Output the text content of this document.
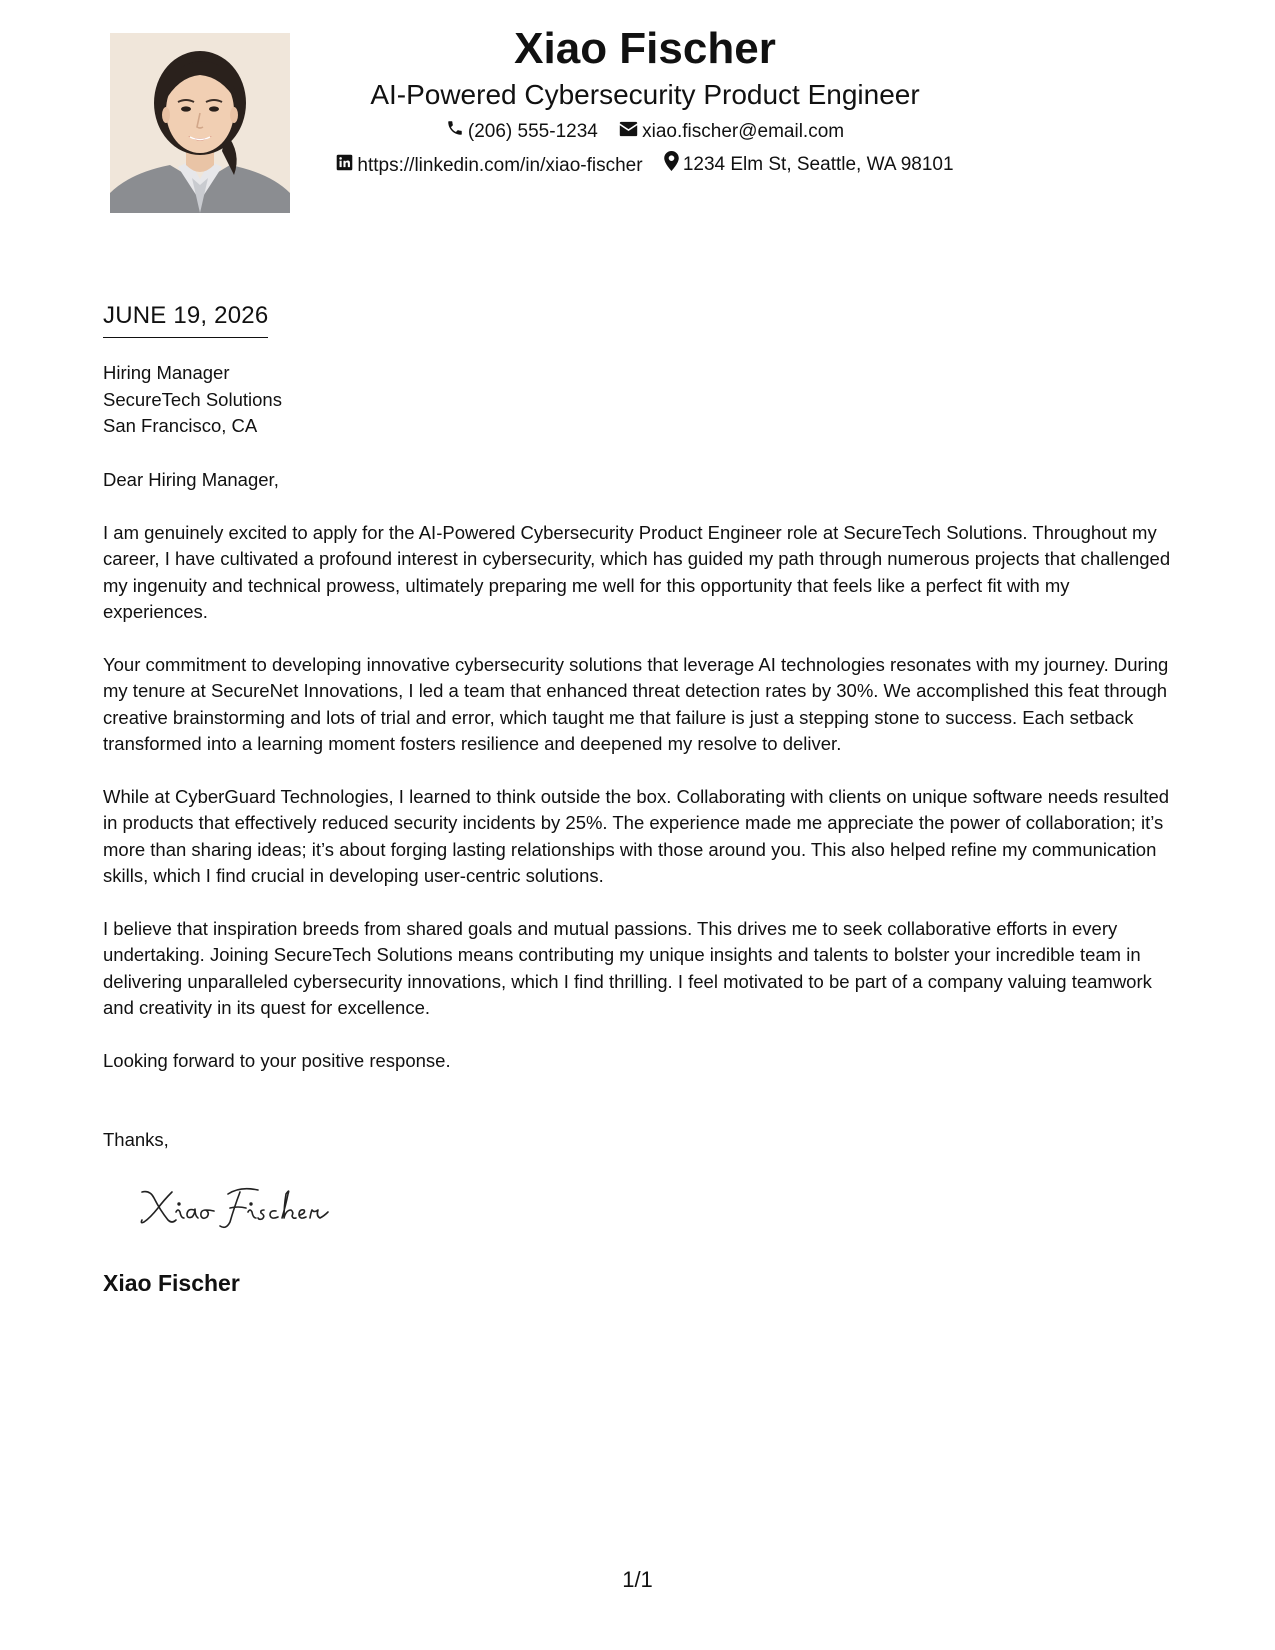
Xiao Fischer
AI-Powered Cybersecurity Product Engineer
(206) 555-1234
xiao.fischer@email.com
https://linkedin.com/in/xiao-fischer
1234 Elm St, Seattle, WA 98101
JUNE 19, 2026
Hiring Manager
SecureTech Solutions
San Francisco, CA

Dear Hiring Manager,

I am genuinely excited to apply for the AI-Powered Cybersecurity Product Engineer role at SecureTech Solutions. Throughout my career, I have cultivated a profound interest in cybersecurity, which has guided my path through numerous projects that challenged my ingenuity and technical prowess, ultimately preparing me well for this opportunity that feels like a perfect fit with my experiences.

Your commitment to developing innovative cybersecurity solutions that leverage AI technologies resonates with my journey. During my tenure at SecureNet Innovations, I led a team that enhanced threat detection rates by 30%. We accomplished this feat through creative brainstorming and lots of trial and error, which taught me that failure is just a stepping stone to success. Each setback transformed into a learning moment fosters resilience and deepened my resolve to deliver.

While at CyberGuard Technologies, I learned to think outside the box. Collaborating with clients on unique software needs resulted in products that effectively reduced security incidents by 25%. The experience made me appreciate the power of collaboration; it’s more than sharing ideas; it’s about forging lasting relationships with those around you. This also helped refine my communication skills, which I find crucial in developing user-centric solutions.

I believe that inspiration breeds from shared goals and mutual passions. This drives me to seek collaborative efforts in every undertaking. Joining SecureTech Solutions means contributing my unique insights and talents to bolster your incredible team in delivering unparalleled cybersecurity innovations, which I find thrilling. I feel motivated to be part of a company valuing teamwork and creativity in its quest for excellence.

Looking forward to your positive response.

Thanks,
Xiao Fischer
1/1
